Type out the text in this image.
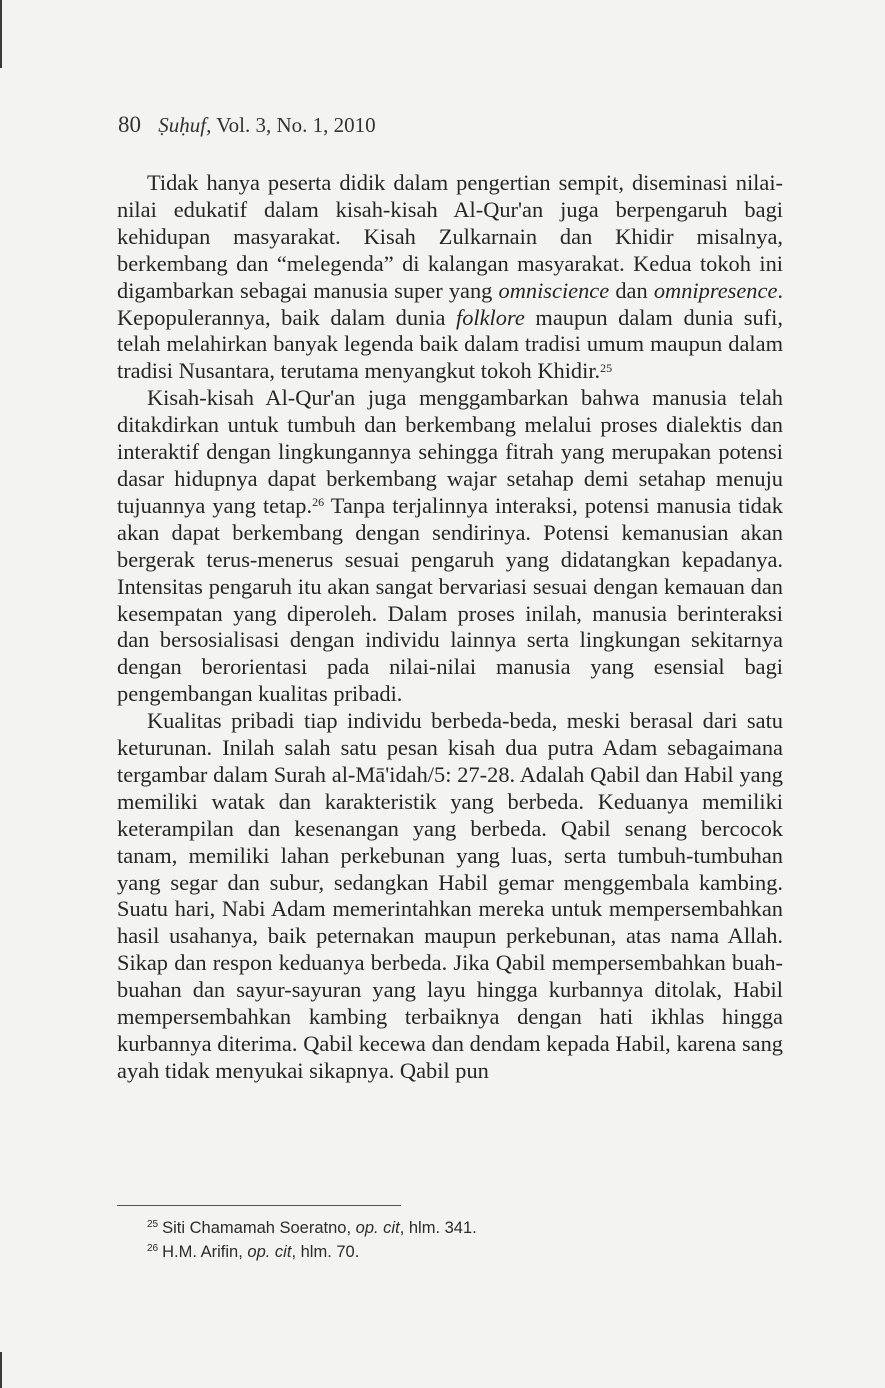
80 Ṣuḥuf, Vol. 3, No. 1, 2010

Tidak hanya peserta didik dalam pengertian sempit, diseminasi nilai-nilai edukatif dalam kisah-kisah Al-Qur'an juga berpengaruh bagi kehidupan masyarakat. Kisah Zulkarnain dan Khidir misalnya, berkembang dan “melegenda” di kalangan masyarakat. Kedua tokoh ini digambarkan sebagai manusia super yang omniscience dan omnipresence. Kepopulerannya, baik dalam dunia folklore maupun dalam dunia sufi, telah melahirkan banyak legenda baik dalam tradisi umum maupun dalam tradisi Nusantara, terutama menyangkut tokoh Khidir.$^{25}$

Kisah-kisah Al-Qur'an juga menggambarkan bahwa manusia telah ditakdirkan untuk tumbuh dan berkembang melalui proses dialektis dan interaktif dengan lingkungannya sehingga fitrah yang merupakan potensi dasar hidupnya dapat berkembang wajar setahap demi setahap menuju tujuannya yang tetap.$^{26}$ Tanpa terjalinnya interaksi, potensi manusia tidak akan dapat berkembang dengan sendirinya. Potensi kemanusian akan bergerak terus-menerus sesuai pengaruh yang didatangkan kepadanya. Intensitas pengaruh itu akan sangat bervariasi sesuai dengan kemauan dan kesempatan yang diperoleh. Dalam proses inilah, manusia berinteraksi dan bersosialisasi dengan individu lainnya serta lingkungan sekitarnya dengan berorientasi pada nilai-nilai manusia yang esensial bagi pengembangan kualitas pribadi.

Kualitas pribadi tiap individu berbeda-beda, meski berasal dari satu keturunan. Inilah salah satu pesan kisah dua putra Adam sebagaimana tergambar dalam Surah al-Mā'idah/5: 27-28. Adalah Qabil dan Habil yang memiliki watak dan karakteristik yang berbeda. Keduanya memiliki keterampilan dan kesenangan yang berbeda. Qabil senang bercocok tanam, memiliki lahan perkebunan yang luas, serta tumbuh-tumbuhan yang segar dan subur, sedangkan Habil gemar menggembala kambing. Suatu hari, Nabi Adam memerintahkan mereka untuk mempersembahkan hasil usahanya, baik peternakan maupun perkebunan, atas nama Allah. Sikap dan respon keduanya berbeda. Jika Qabil mempersembahkan buah-buahan dan sayur-sayuran yang layu hingga kurbannya ditolak, Habil mempersembahkan kambing terbaiknya dengan hati ikhlas hingga kurbannya diterima. Qabil kecewa dan dendam kepada Habil, karena sang ayah tidak menyukai sikapnya. Qabil pun

$^{25}$ Siti Chamamah Soeratno, op. cit, hlm. 341.
$^{26}$ H.M. Arifin, op. cit, hlm. 70.
